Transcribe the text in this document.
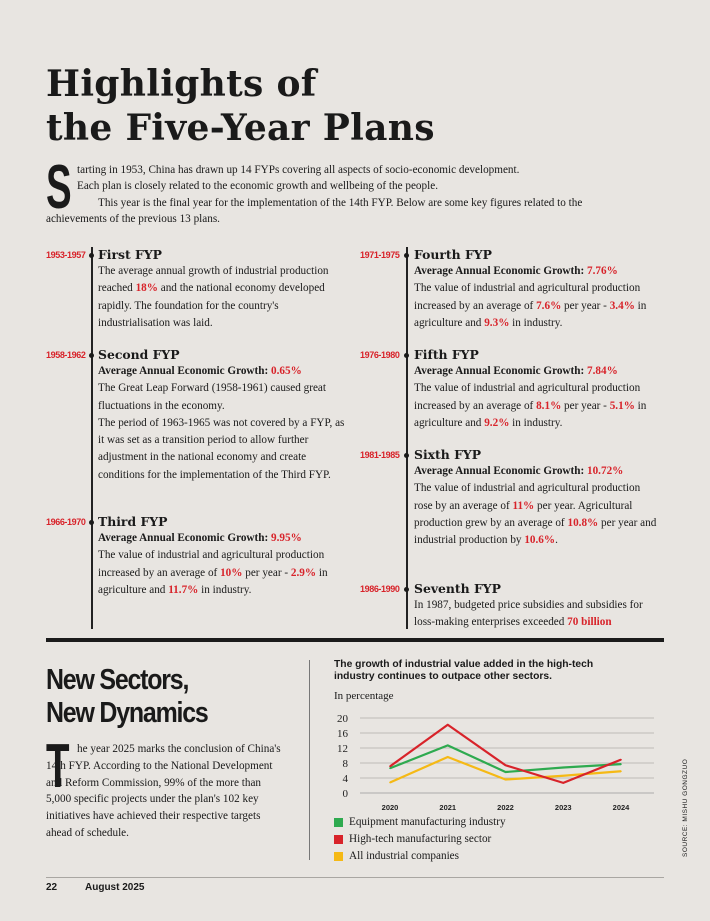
Highlights of
the Five-Year Plans
S tarting in 1953, China has drawn up 14 FYPs covering all aspects of socio-economic development.

Each plan is closely related to the economic growth and wellbeing of the people.

This year is the final year for the implementation of the 14th FYP. Below are some key figures related to the achievements of the previous 13 plans.

1953-1957 First FYP

The average annual growth of industrial production reached 18% and the national economy developed rapidly. The foundation for the country's industrialisation was laid.

1958-1962 Second FYP

Average Annual Economic Growth: 0.65%

The Great Leap Forward (1958-1961) caused great fluctuations in the economy.

The period of 1963-1965 was not covered by a FYP, as it was set as a transition period to allow further adjustment in the national economy and create conditions for the implementation of the Third FYP.

1966-1970 Third FYP

Average Annual Economic Growth: 9.95%

The value of industrial and agricultural production increased by an average of 10% per year - 2.9% in agriculture and 11.7% in industry.

1971-1975 Fourth FYP

Average Annual Economic Growth: 7.76%

The value of industrial and agricultural production increased by an average of 7.6% per year - 3.4% in agriculture and 9.3% in industry.

1976-1980 Fifth FYP

Average Annual Economic Growth: 7.84%

The value of industrial and agricultural production increased by an average of 8.1% per year - 5.1% in agriculture and 9.2% in industry.

1981-1985 Sixth FYP

Average Annual Economic Growth: 10.72%

The value of industrial and agricultural production rose by an average of 11% per year. Agricultural production grew by an average of 10.8% per year and industrial production by 10.6%.

1986-1990 Seventh FYP

In 1987, budgeted price subsidies and subsidies for loss-making enterprises exceeded 70 billion

New Sectors,
New Dynamics
T he year 2025 marks the conclusion of China's 14th FYP. According to the National Development and Reform Commission, 99% of the more than 5,000 specific projects under the plan's 102 key initiatives have achieved their respective targets ahead of schedule.

The growth of industrial value added in the high-tech industry continues to outpace other sectors.

In percentage
0
4
8
12
16
20
2020	2021	2022	2023	2024
Equipment manufacturing industry
High-tech manufacturing sector
All industrial companies	SOURCE: MISHU GONGZUO
22	August 2025
